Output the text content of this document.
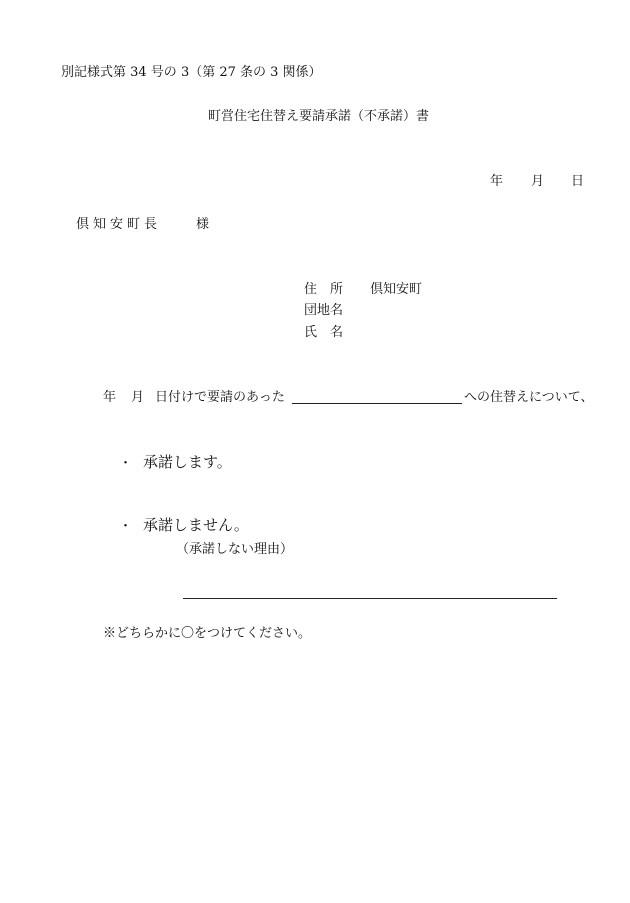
別記様式第 34 号の 3（第 27 条の 3 関係）
町営住宅住替え要請承諾（不承諾）書
年 月 日
倶知安町長	様
住　所 倶知安町
団地名
氏　名
年 月 日付けで要請のあった	への住替えについて、
・ 承諾します。
・ 承諾しません。
（承諾しない理由）
※どちらかに〇をつけてください。
